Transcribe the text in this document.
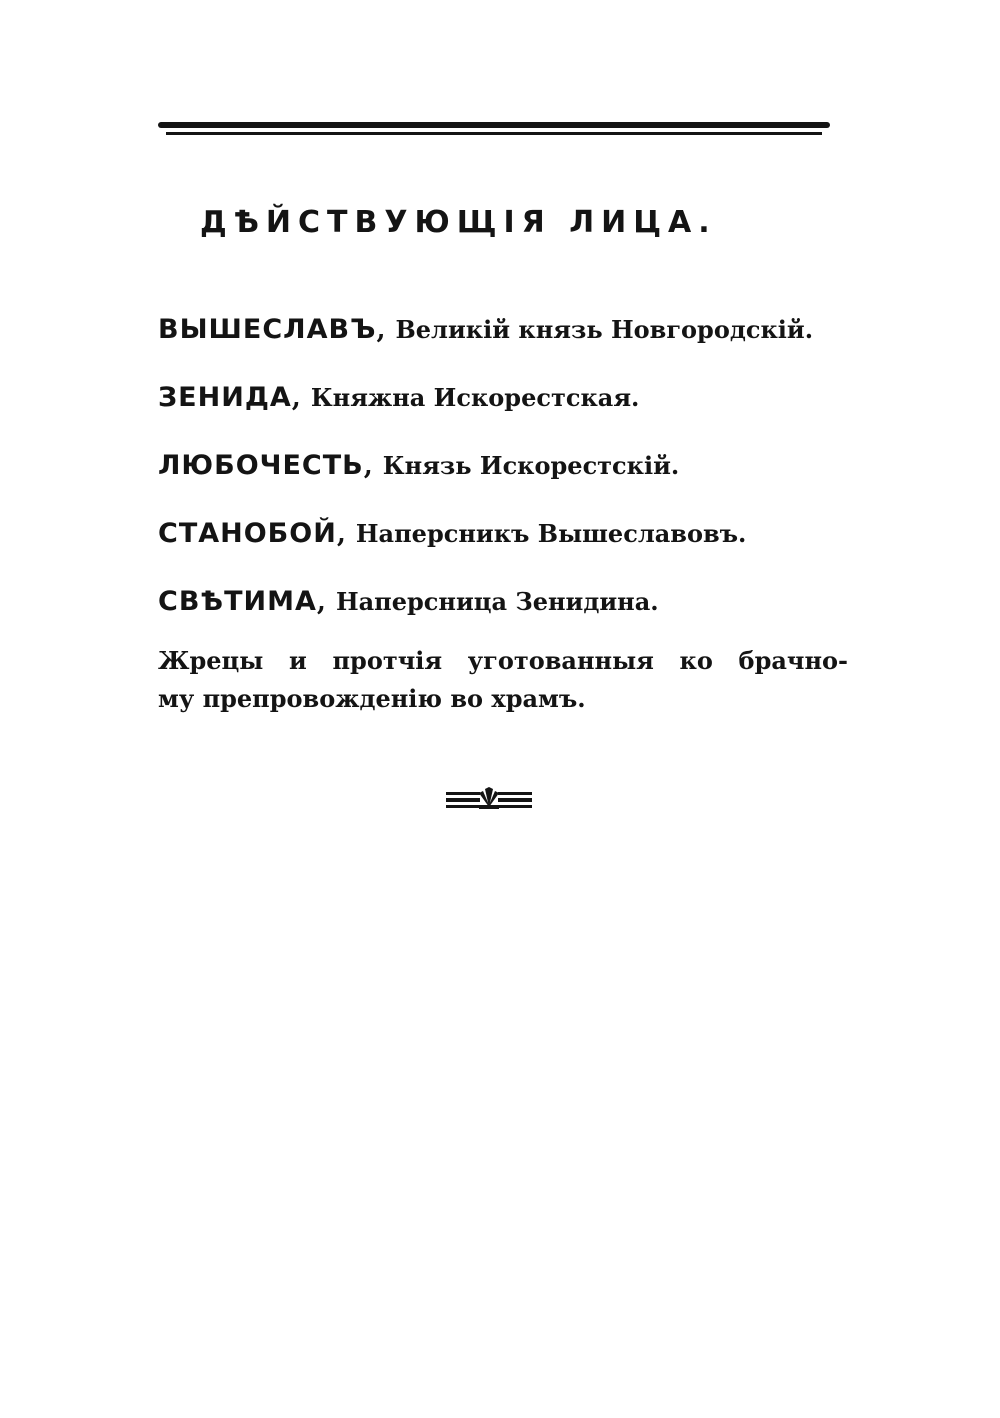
ДѢЙСТВУЮЩІЯ ЛИЦА.
ВЫШЕСЛАВЪ, Великій князь Новгородскій.
ЗЕНИДА, Княжна Искорестская.
ЛЮБОЧЕСТЬ, Князь Искорестскій.
СТАНОБОЙ, Наперсникъ Вышеславовъ.
СВѢТИМА, Наперсница Зенидина.

Жрецы и протчія уготованныя ко брачно-
му препровожденію во храмъ.
